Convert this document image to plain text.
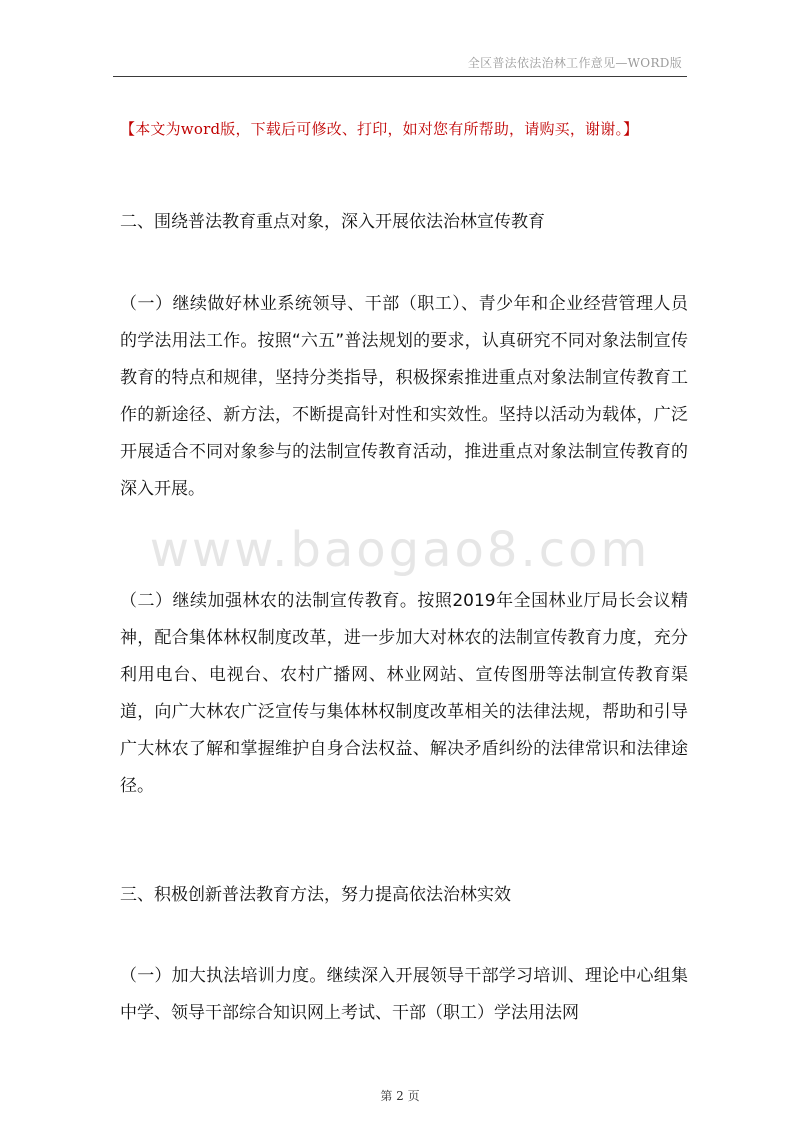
全区普法依法治林工作意见—WORD版
【本文为word版，下载后可修改、打印，如对您有所帮助，请购买，谢谢。】
www.baogao8.com

二、围绕普法教育重点对象，深入开展依法治林宣传教育

（一）继续做好林业系统领导、干部（职工）、青少年和企业经营管理人员的学法用法工作。按照“六五”普法规划的要求，认真研究不同对象法制宣传教育的特点和规律，坚持分类指导，积极探索推进重点对象法制宣传教育工作的新途径、新方法，不断提高针对性和实效性。坚持以活动为载体，广泛开展适合不同对象参与的法制宣传教育活动，推进重点对象法制宣传教育的深入开展。

（二）继续加强林农的法制宣传教育。按照2019年全国林业厅局长会议精神，配合集体林权制度改革，进一步加大对林农的法制宣传教育力度，充分利用电台、电视台、农村广播网、林业网站、宣传图册等法制宣传教育渠道，向广大林农广泛宣传与集体林权制度改革相关的法律法规，帮助和引导广大林农了解和掌握维护自身合法权益、解决矛盾纠纷的法律常识和法律途径。

三、积极创新普法教育方法，努力提高依法治林实效

（一）加大执法培训力度。继续深入开展领导干部学习培训、理论中心组集中学、领导干部综合知识网上考试、干部（职工）学法用法网

第 2 页
